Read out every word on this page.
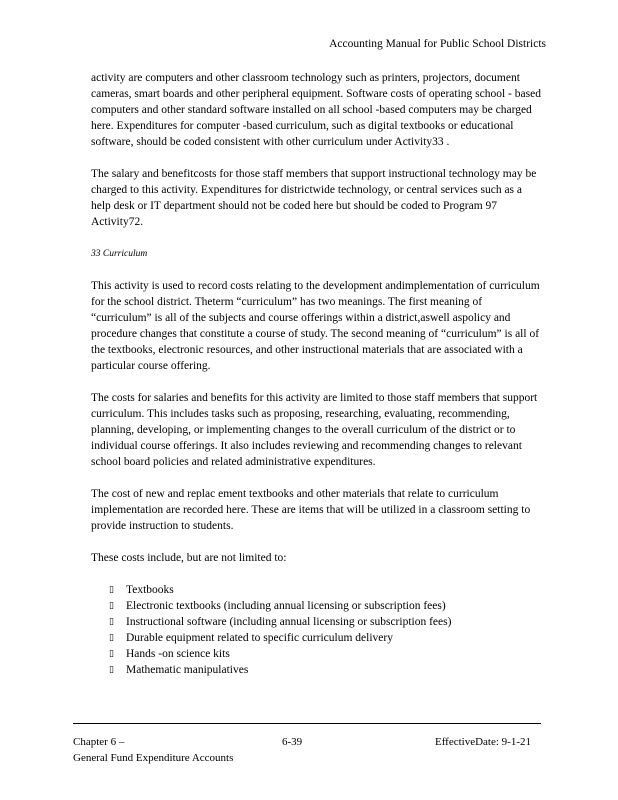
Accounting Manual for Public School Districts

activity are computers and other classroom technology such as printers, projectors, document cameras, smart boards and other peripheral equipment. Software costs of operating school - based computers and other standard software installed on all school -based computers may be charged here. Expenditures for computer -based curriculum, such as digital textbooks or educational software, should be coded consistent with other curriculum under Activity33 .

The salary and benefitcosts for those staff members that support instructional technology may be charged to this activity. Expenditures for districtwide technology, or central services such as a help desk or IT department should not be coded here but should be coded to Program 97 Activity72.

33 Curriculum

This activity is used to record costs relating to the development andimplementation of curriculum for the school district. Theterm “curriculum” has two meanings. The first meaning of “curriculum” is all of the subjects and course offerings within a district,aswell aspolicy and procedure changes that constitute a course of study. The second meaning of “curriculum” is all of the textbooks, electronic resources, and other instructional materials that are associated with a particular course offering.

The costs for salaries and benefits for this activity are limited to those staff members that support curriculum. This includes tasks such as proposing, researching, evaluating, recommending, planning, developing, or implementing changes to the overall curriculum of the district or to individual course offerings. It also includes reviewing and recommending changes to relevant school board policies and related administrative expenditures.

The cost of new and replac ement textbooks and other materials that relate to curriculum implementation are recorded here. These are items that will be utilized in a classroom setting to provide instruction to students.

These costs include, but are not limited to:

▯ Textbooks
▯ Electronic textbooks (including annual licensing or subscription fees)
▯ Instructional software (including annual licensing or subscription fees)
▯ Durable equipment related to specific curriculum delivery
▯ Hands -on science kits
▯ Mathematic manipulatives
Chapter 6 –
General Fund Expenditure Accounts
6-39	EffectiveDate: 9-1-21
